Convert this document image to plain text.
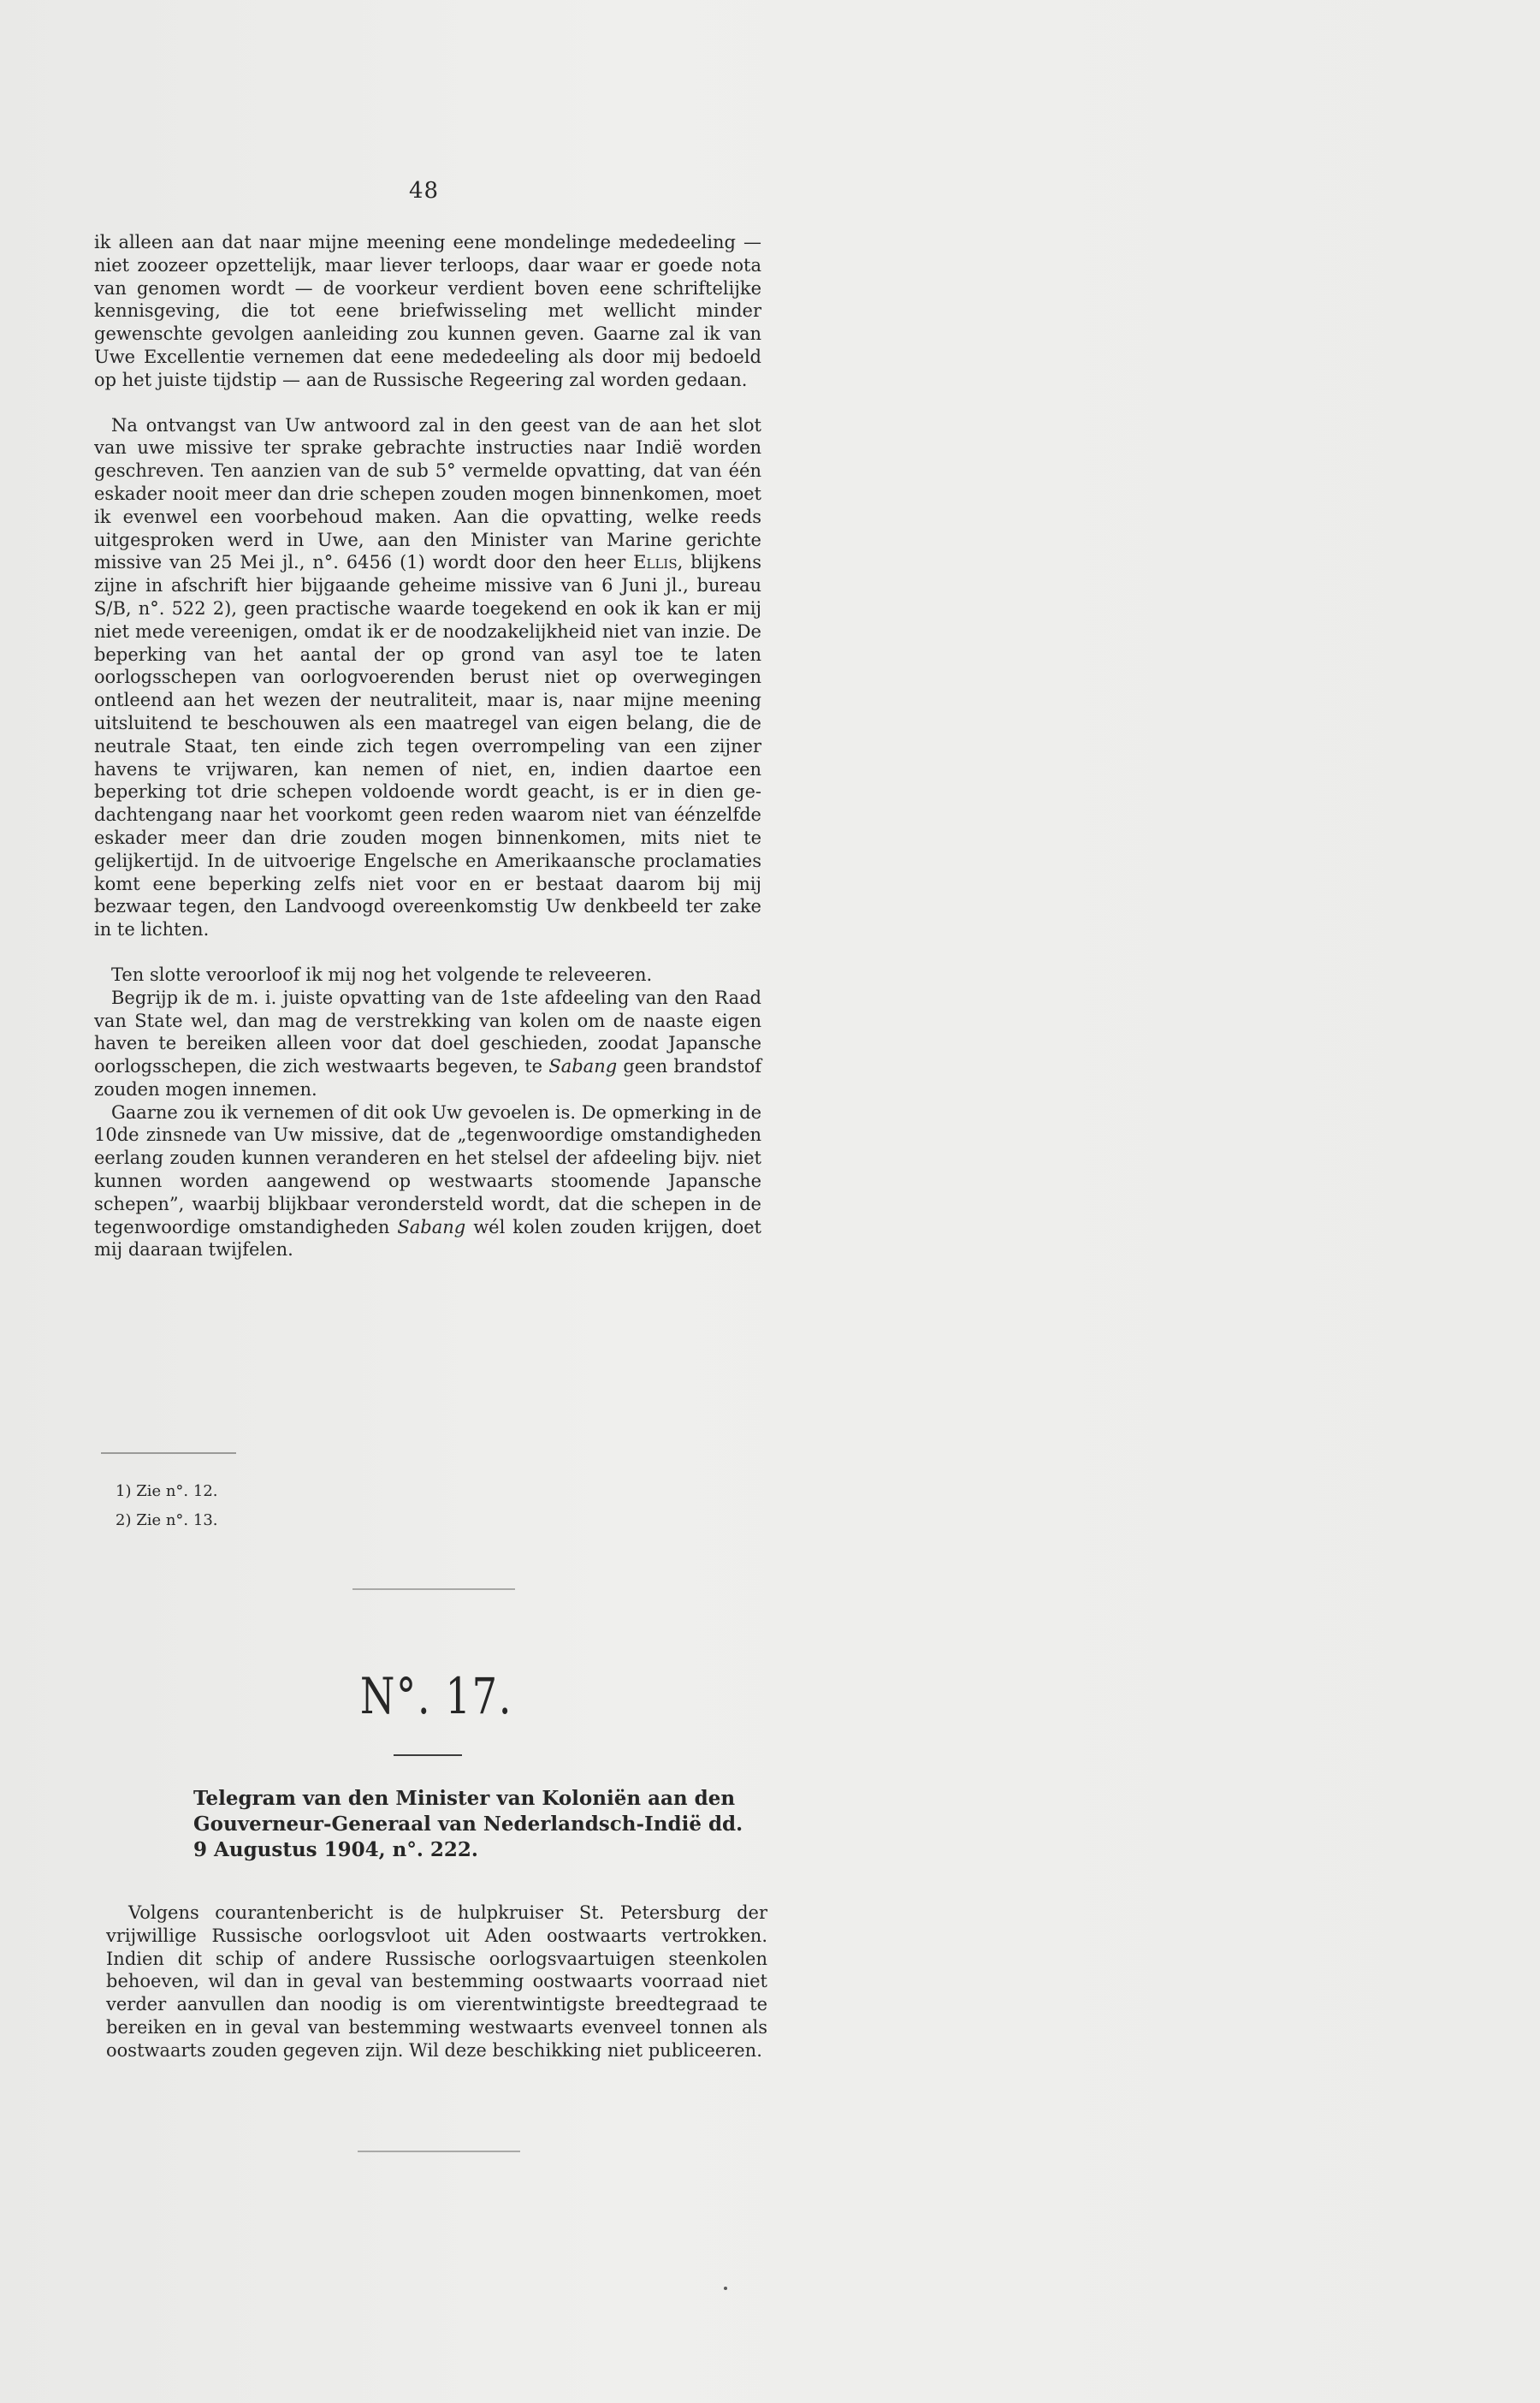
48

ik alleen aan dat naar mijne meening eene mondelinge mededeeling — niet zoozeer opzettelijk, maar liever terloops, daar waar er goede nota van genomen wordt — de voorkeur verdient boven eene schriftelijke kennisgeving, die tot eene briefwisseling met wellicht minder gewenschte gevolgen aanleiding zou kunnen geven. Gaarne zal ik van Uwe Excellentie vernemen dat eene mededeeling als door mij bedoeld op het juiste tijdstip — aan de Russische Regeering zal worden gedaan.

Na ontvangst van Uw antwoord zal in den geest van de aan het slot van uwe missive ter sprake gebrachte instructies naar Indië worden geschreven. Ten aanzien van de sub 5° vermelde opvatting, dat van één eskader nooit meer dan drie schepen zouden mogen binnenkomen, moet ik evenwel een voorbehoud maken. Aan die opvatting, welke reeds uitgesproken werd in Uwe, aan den Minister van Marine gerichte missive van 25 Mei jl., n°. 6456 (1) wordt door den heer Ellis, blijkens zijne in afschrift hier bijgaande geheime missive van 6 Juni jl., bureau S/B, n°. 522 2), geen practische waarde toegekend en ook ik kan er mij niet mede vereenigen, omdat ik er de noodzakelijkheid niet van inzie. De beperking van het aantal der op grond van asyl toe te laten oorlogsschepen van oorlogvoerenden berust niet op overwegingen ontleend aan het wezen der neutraliteit, maar is, naar mijne meening uitsluitend te beschouwen als een maatregel van eigen belang, die de neutrale Staat, ten einde zich tegen overrompeling van een zijner havens te vrijwaren, kan nemen of niet, en, indien daartoe een beperking tot drie schepen voldoende wordt geacht, is er in dien gedachtengang naar het voorkomt geen reden waarom niet van éénzelfde eskader meer dan drie zouden mogen binnenkomen, mits niet te gelijkertijd. In de uitvoerige Engelsche en Amerikaansche proclamaties komt eene beperking zelfs niet voor en er bestaat daarom bij mij bezwaar tegen, den Landvoogd overeenkomstig Uw denkbeeld ter zake in te lichten.

Ten slotte veroorloof ik mij nog het volgende te releveeren.

Begrijp ik de m. i. juiste opvatting van de 1ste afdeeling van den Raad van State wel, dan mag de verstrekking van kolen om de naaste eigen haven te bereiken alleen voor dat doel geschieden, zoodat Japansche oorlogsschepen, die zich westwaarts begeven, te Sabang geen brandstof zouden mogen innemen.

Gaarne zou ik vernemen of dit ook Uw gevoelen is. De opmerking in de 10de zinsnede van Uw missive, dat de „tegenwoordige omstandigheden eerlang zouden kunnen veranderen en het stelsel der afdeeling bijv. niet kunnen worden aangewend op westwaarts stoomende Japansche schepen”, waarbij blijkbaar verondersteld wordt, dat die schepen in de tegenwoordige omstandigheden Sabang wél kolen zouden krijgen, doet mij daaraan twijfelen.

1) Zie n°. 12.
2) Zie n°. 13.
N°. 17.
Telegram van den Minister van Koloniën aan den
Gouverneur-Generaal van Nederlandsch-Indië dd.
9 Augustus 1904, n°. 222.

Volgens courantenbericht is de hulpkruiser St. Petersburg der vrijwillige Russische oorlogsvloot uit Aden oostwaarts vertrokken. Indien dit schip of andere Russische oorlogsvaartuigen steenkolen behoeven, wil dan in geval van bestemming oostwaarts voorraad niet verder aanvullen dan noodig is om vierentwintigste breedtegraad te bereiken en in geval van bestemming westwaarts evenveel tonnen als oostwaarts zouden gegeven zijn. Wil deze beschikking niet publiceeren.
